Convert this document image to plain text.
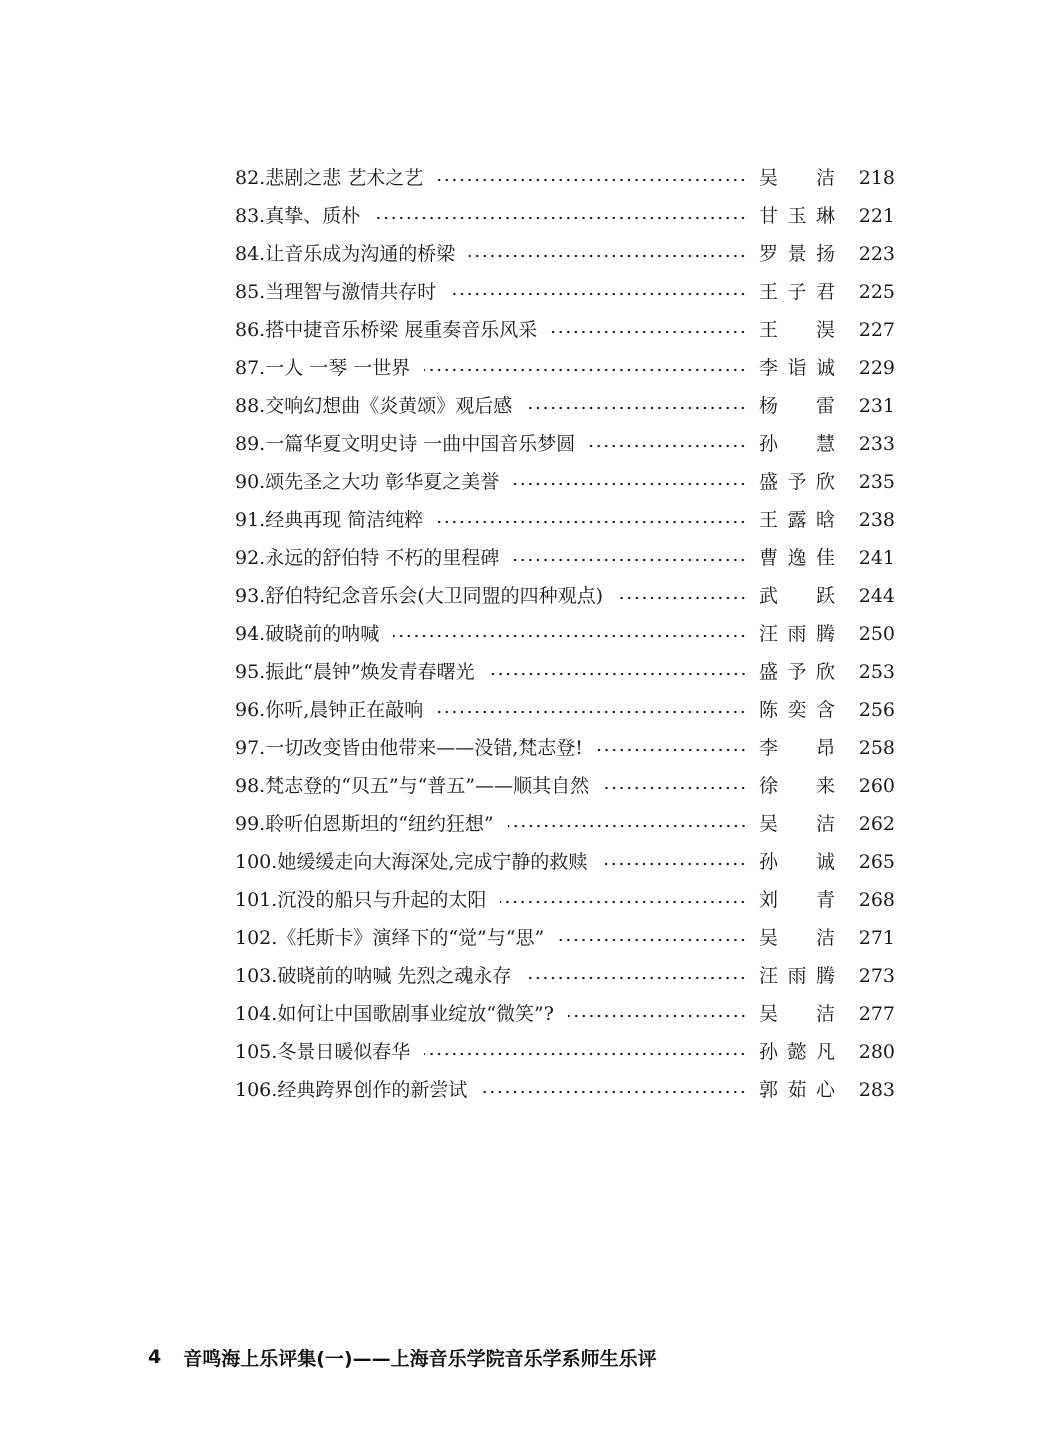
82. 悲剧之悲 艺术之艺	吴 洁	218
83. 真挚、质朴	甘玉琳	221
84. 让音乐成为沟通的桥梁	罗景扬	223
85. 当理智与激情共存时	王子君	225
86. 搭中捷音乐桥梁 展重奏音乐风采	王 淏	227
87. 一人 一琴 一世界	李诣诚	229
88. 交响幻想曲《炎黄颂》观后感	杨 雷	231
89. 一篇华夏文明史诗 一曲中国音乐梦圆	孙 慧	233
90. 颂先圣之大功 彰华夏之美誉	盛予欣	235
91. 经典再现 简洁纯粹	王露晗	238
92. 永远的舒伯特 不朽的里程碑	曹逸佳	241
93. 舒伯特纪念音乐会(大卫同盟的四种观点)	武 跃	244
94. 破晓前的呐喊	汪雨腾	250
95. 振此“晨钟”焕发青春曙光	盛予欣	253
96. 你听,晨钟正在敲响	陈奕含	256
97. 一切改变皆由他带来——没错,梵志登!	李 昂	258
98. 梵志登的“贝五”与“普五”——顺其自然	徐 来	260
99. 聆听伯恩斯坦的“纽约狂想”	吴 洁	262
100. 她缓缓走向大海深处,完成宁静的救赎	孙 诚	265
101. 沉没的船只与升起的太阳	刘 青	268
102. 《托斯卡》演绎下的“觉”与“思”	吴 洁	271
103. 破晓前的呐喊 先烈之魂永存	汪雨腾	273
104. 如何让中国歌剧事业绽放“微笑”?	吴 洁	277
105. 冬景日暖似春华	孙懿凡	280
106. 经典跨界创作的新尝试	郭茹心	283
4 音鸣海上乐评集(一)——上海音乐学院音乐学系师生乐评
